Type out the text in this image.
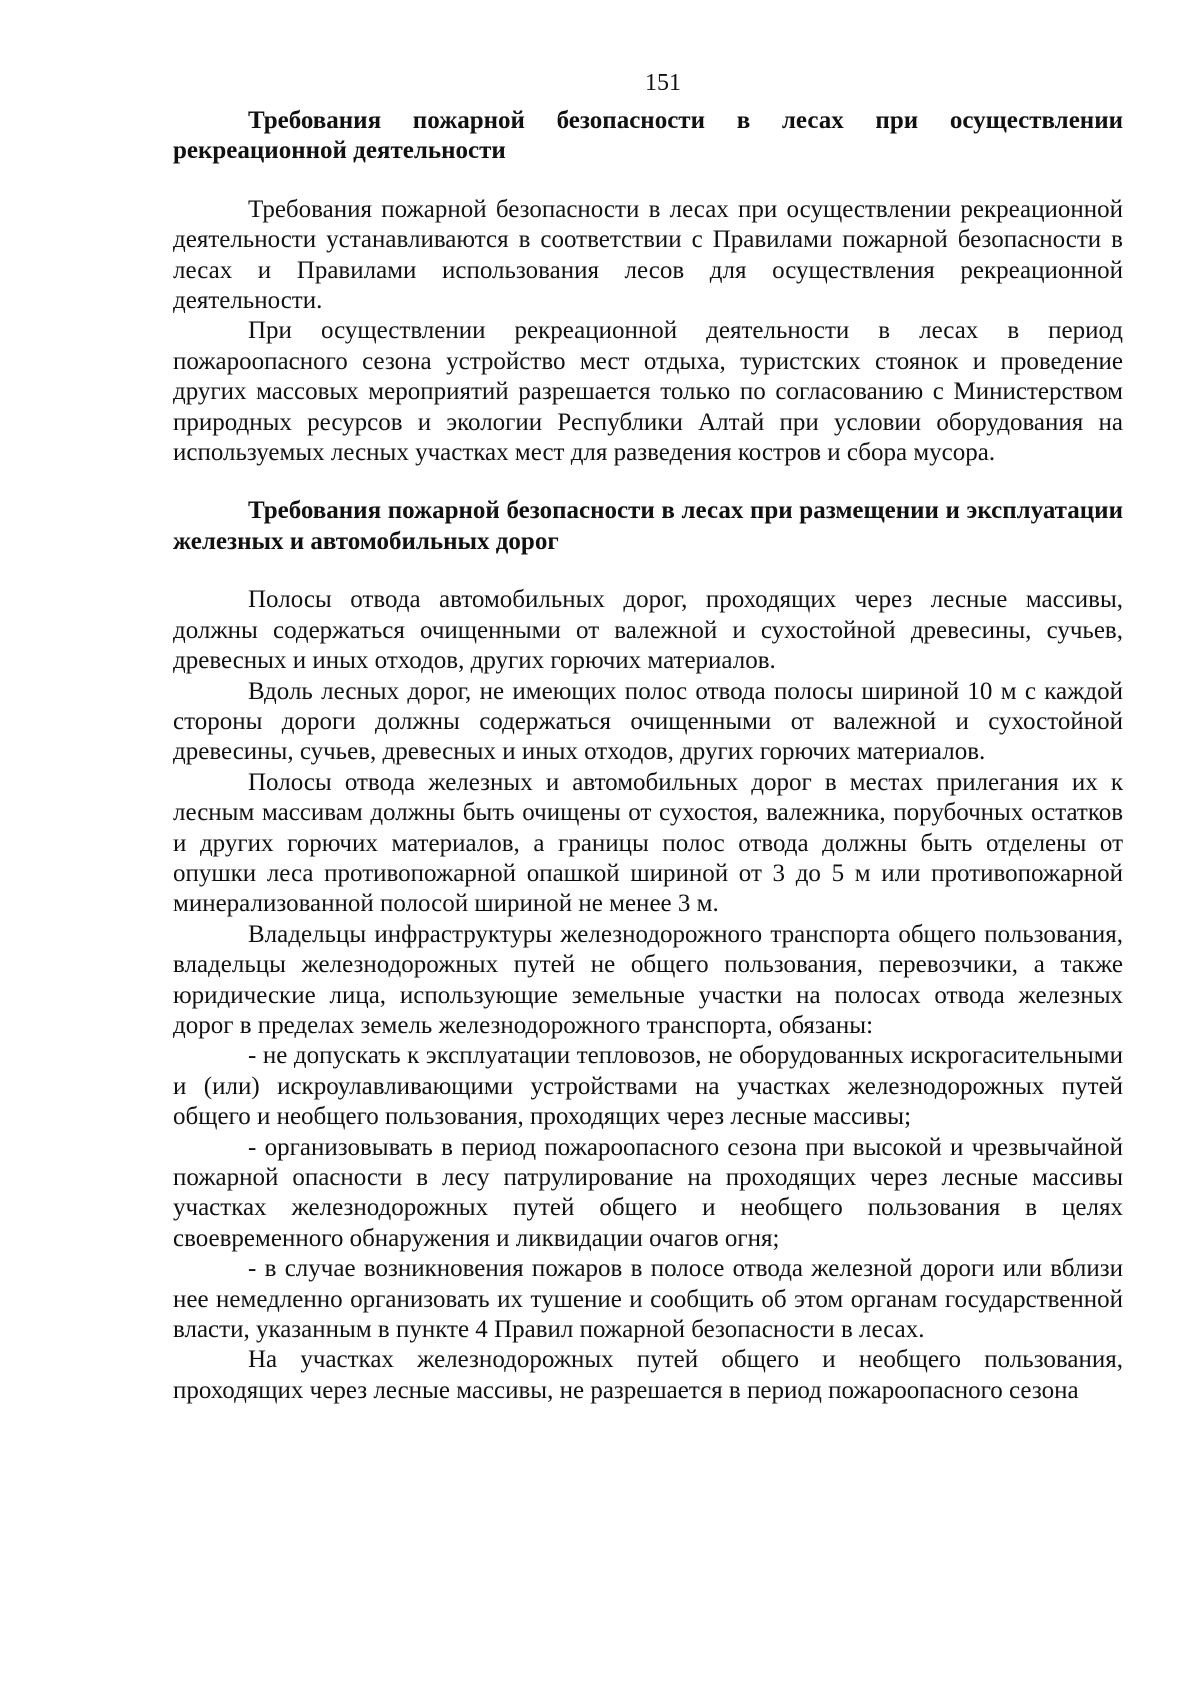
151

Требования пожарной безопасности в лесах при осуществлении рекреационной деятельности

Требования пожарной безопасности в лесах при осуществлении рекреационной деятельности устанавливаются в соответствии с Правилами пожарной безопасности в лесах и Правилами использования лесов для осуществления рекреационной деятельности.

При осуществлении рекреационной деятельности в лесах в период пожароопасного сезона устройство мест отдыха, туристских стоянок и проведение других массовых мероприятий разрешается только по согласованию с Министерством природных ресурсов и экологии Республики Алтай при условии оборудования на используемых лесных участках мест для разведения костров и сбора мусора.

Требования пожарной безопасности в лесах при размещении и эксплуатации железных и автомобильных дорог

Полосы отвода автомобильных дорог, проходящих через лесные массивы, должны содержаться очищенными от валежной и сухостойной древесины, сучьев, древесных и иных отходов, других горючих материалов.

Вдоль лесных дорог, не имеющих полос отвода полосы шириной 10 м с каждой стороны дороги должны содержаться очищенными от валежной и сухостойной древесины, сучьев, древесных и иных отходов, других горючих материалов.

Полосы отвода железных и автомобильных дорог в местах прилегания их к лесным массивам должны быть очищены от сухостоя, валежника, порубочных остатков и других горючих материалов, а границы полос отвода должны быть отделены от опушки леса противопожарной опашкой шириной от 3 до 5 м или противопожарной минерализованной полосой шириной не менее 3 м.

Владельцы инфраструктуры железнодорожного транспорта общего пользования, владельцы железнодорожных путей не общего пользования, перевозчики, а также юридические лица, использующие земельные участки на полосах отвода железных дорог в пределах земель железнодорожного транспорта, обязаны:

- не допускать к эксплуатации тепловозов, не оборудованных искрогасительными и (или) искроулавливающими устройствами на участках железнодорожных путей общего и необщего пользования, проходящих через лесные массивы;

- организовывать в период пожароопасного сезона при высокой и чрезвычайной пожарной опасности в лесу патрулирование на проходящих через лесные массивы участках железнодорожных путей общего и необщего пользования в целях своевременного обнаружения и ликвидации очагов огня;

- в случае возникновения пожаров в полосе отвода железной дороги или вблизи нее немедленно организовать их тушение и сообщить об этом органам государственной власти, указанным в пункте 4 Правил пожарной безопасности в лесах.

На участках железнодорожных путей общего и необщего пользования, проходящих через лесные массивы, не разрешается в период пожароопасного сезона
